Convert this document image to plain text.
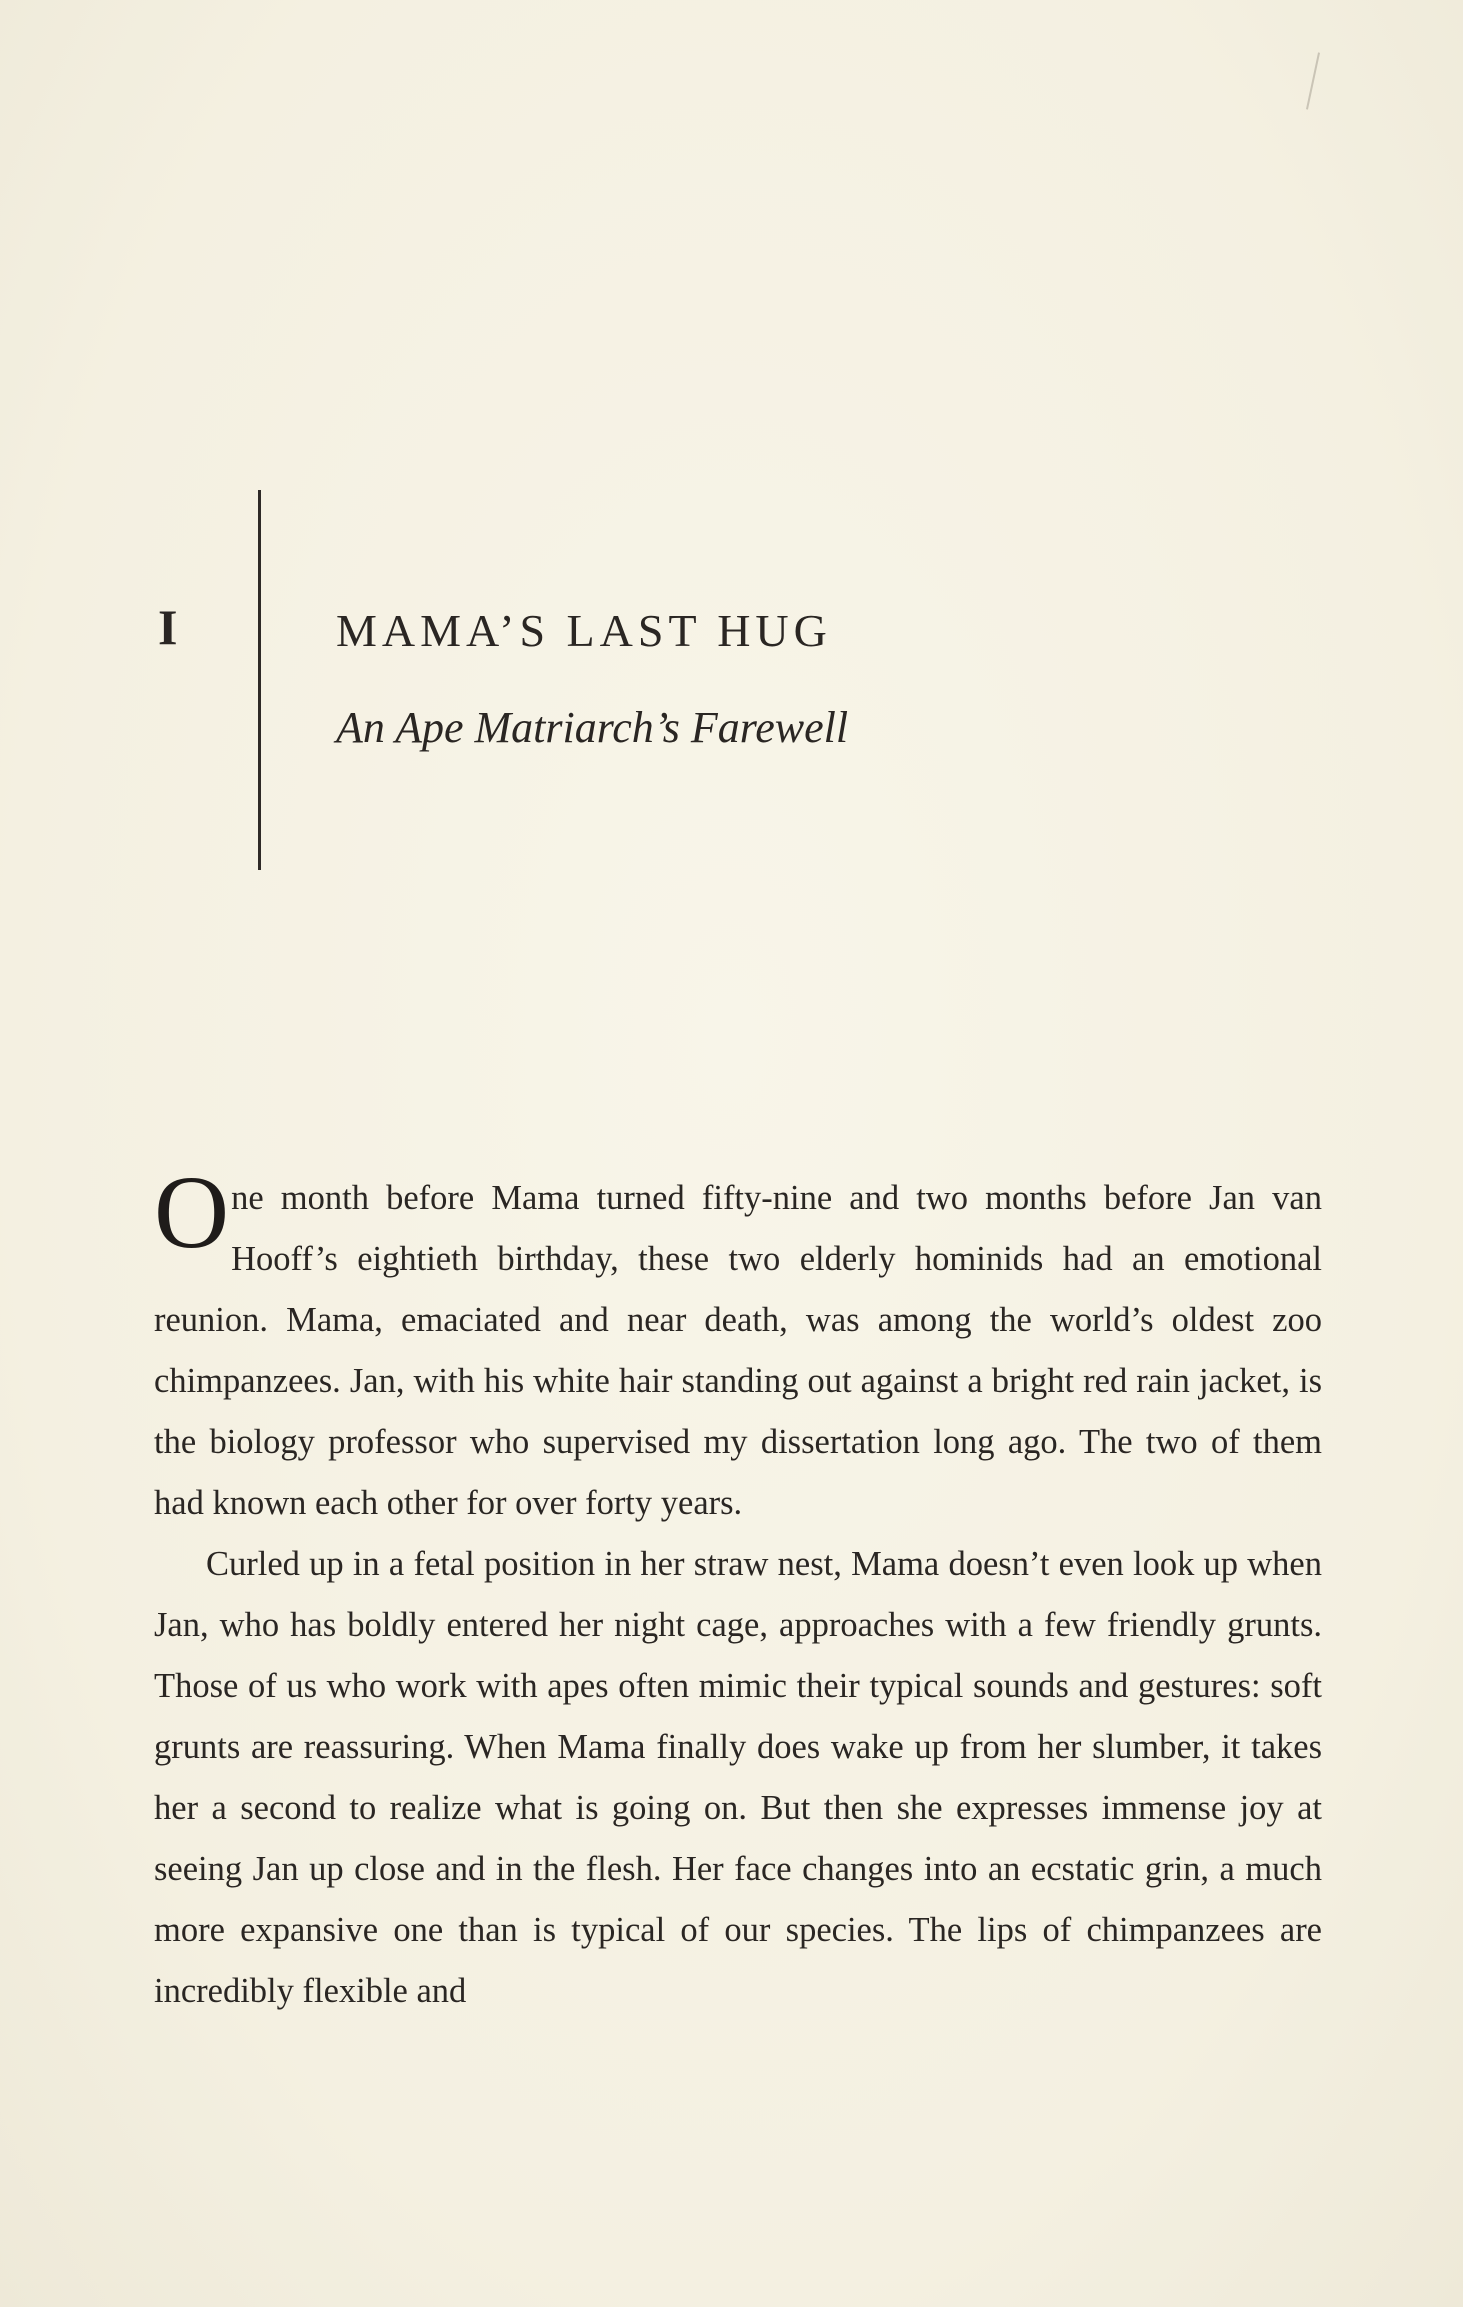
I	MAMA’S LAST HUG
An Ape Matriarch’s Farewell

One month before Mama turned fifty-nine and two months before Jan van Hooff’s eightieth birthday, these two elderly hominids had an emotional reunion. Mama, emaciated and near death, was among the world’s oldest zoo chimpanzees. Jan, with his white hair standing out against a bright red rain jacket, is the biology professor who supervised my dissertation long ago. The two of them had known each other for over forty years.

Curled up in a fetal position in her straw nest, Mama doesn’t even look up when Jan, who has boldly entered her night cage, approaches with a few friendly grunts. Those of us who work with apes often mimic their typical sounds and gestures: soft grunts are reassuring. When Mama finally does wake up from her slumber, it takes her a second to realize what is going on. But then she expresses immense joy at seeing Jan up close and in the flesh. Her face changes into an ecstatic grin, a much more expansive one than is typical of our species. The lips of chimpanzees are incredibly flexible and
